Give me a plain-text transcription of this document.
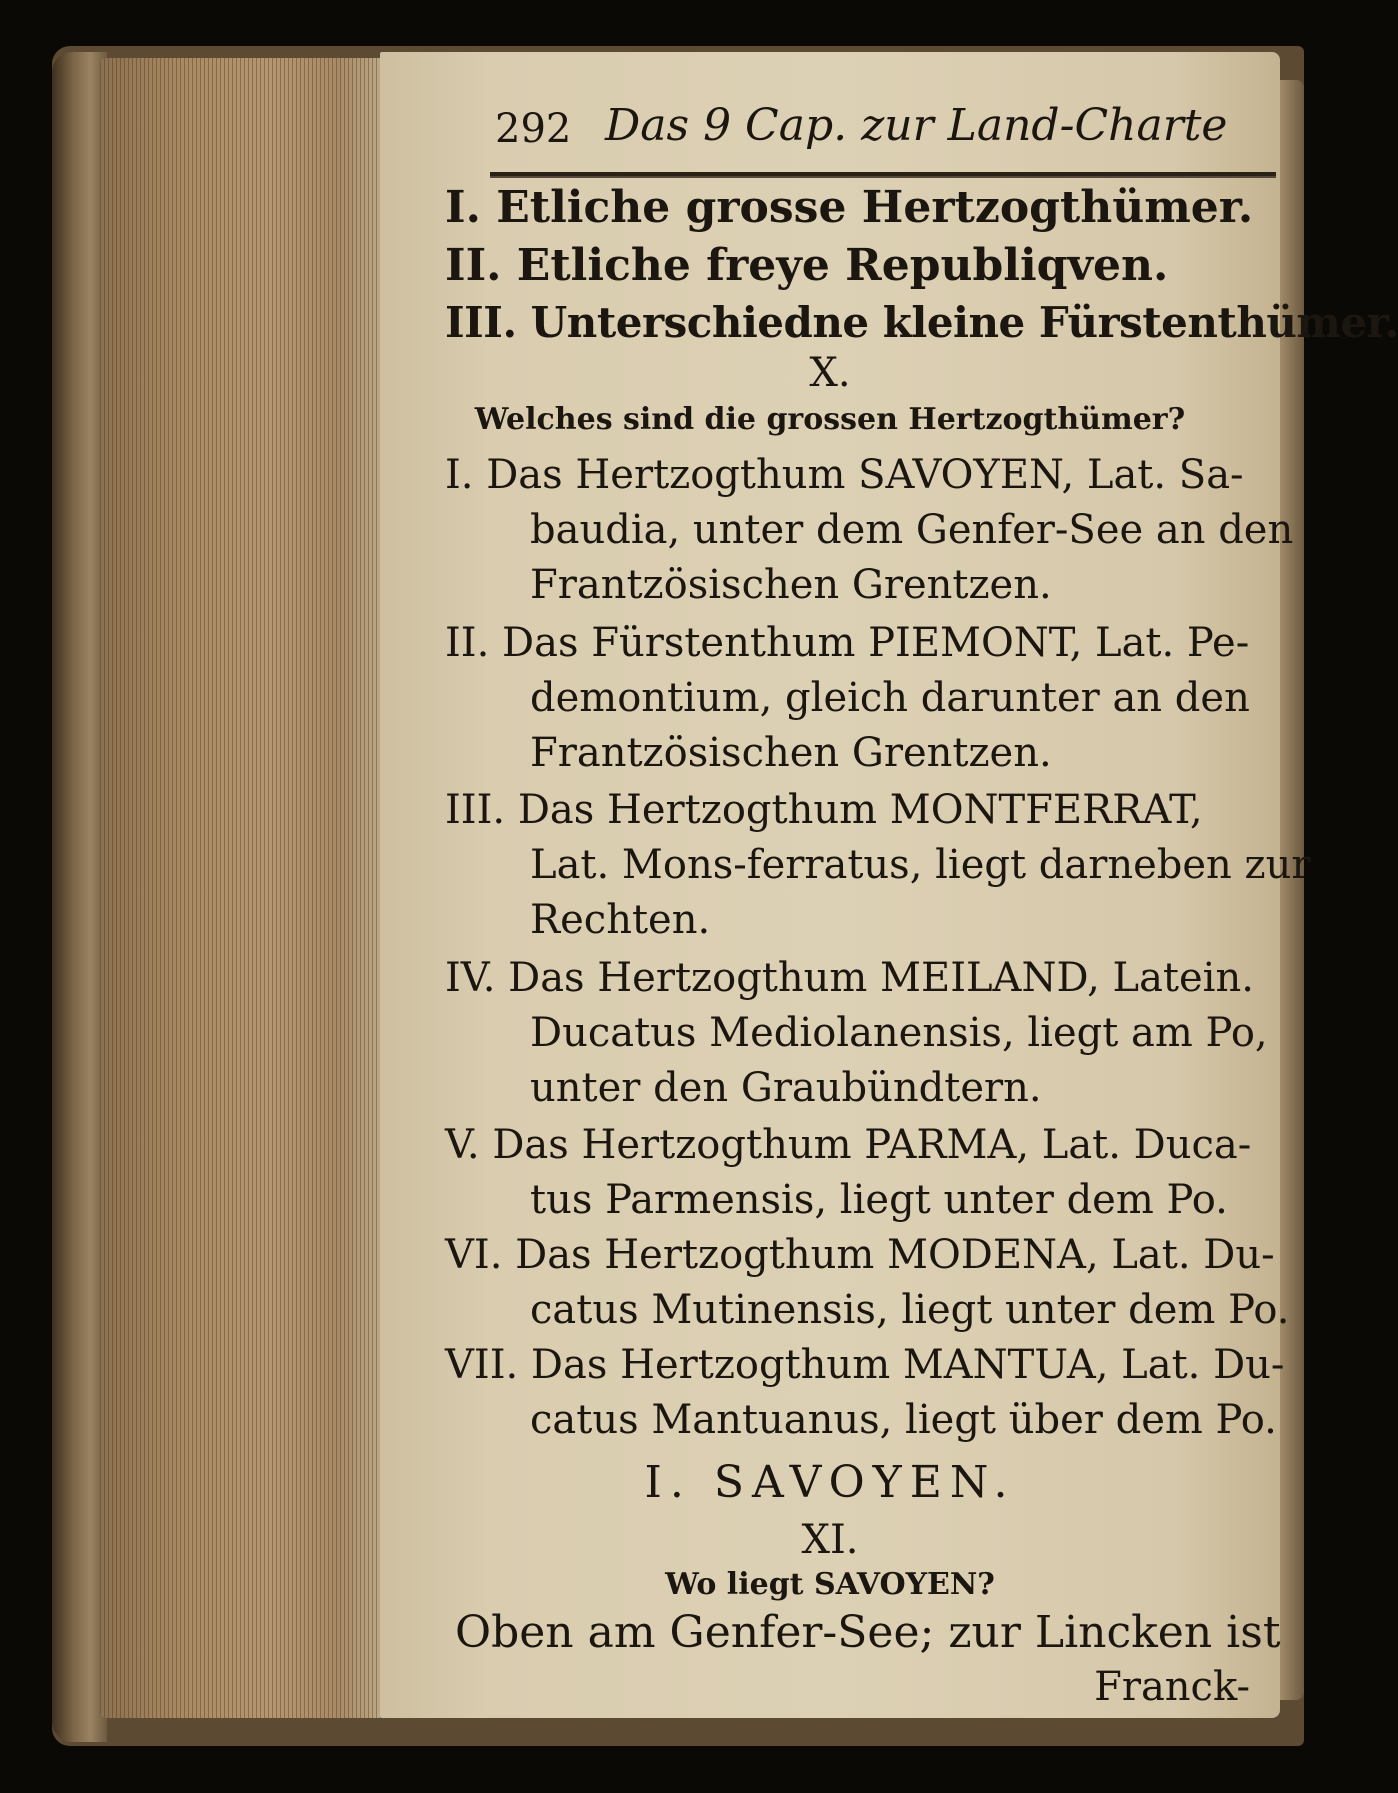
292 Das 9 Cap. zur Land-Charte
I. Etliche grosse Hertzogthümer.
II. Etliche freye Republiqven.
III. Unterschiedne kleine Fürstenthümer.
X.
Welches sind die grossen Hertzogthümer?
I. Das Hertzogthum SAVOYEN, Lat. Sa-
baudia, unter dem Genfer-See an den
Frantzösischen Grentzen.
II. Das Fürstenthum PIEMONT, Lat. Pe-
demontium, gleich darunter an den
Frantzösischen Grentzen.
III. Das Hertzogthum MONTFERRAT,
Lat. Mons-ferratus, liegt darneben zur
Rechten.
IV. Das Hertzogthum MEILAND, Latein.
Ducatus Mediolanensis, liegt am Po,
unter den Graubündtern.
V. Das Hertzogthum PARMA, Lat. Duca-
tus Parmensis, liegt unter dem Po.
VI. Das Hertzogthum MODENA, Lat. Du-
catus Mutinensis, liegt unter dem Po.
VII. Das Hertzogthum MANTUA, Lat. Du-
catus Mantuanus, liegt über dem Po.
I. SAVOYEN.
XI.
Wo liegt SAVOYEN?
Oben am Genfer-See; zur Lincken ist
Franck-
